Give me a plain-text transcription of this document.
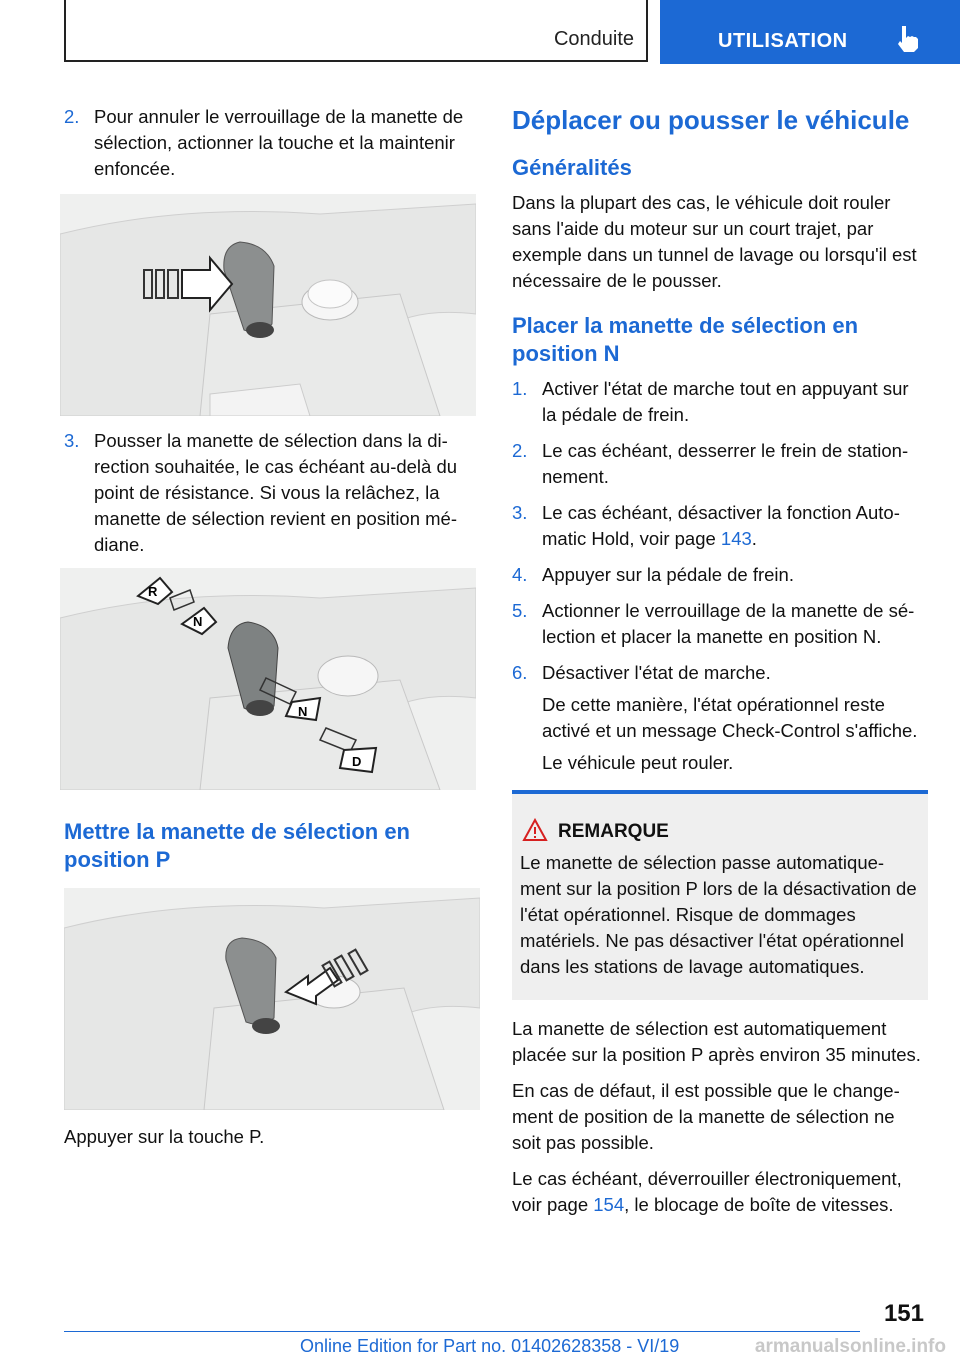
Conduite	UTILISATION
2. Pour annuler le verrouillage de la manette de sélection, actionner la touche et la maintenir enfoncée.
3. Pousser la manette de sélection dans la direction souhaitée, le cas échéant au-delà du point de résistance. Si vous la relâchez, la manette de sélection revient en position médiane.
R
N
N
D
Mettre la manette de sélection en position P

Appuyer sur la touche P.

Déplacer ou pousser le véhicule
Généralités

Dans la plupart des cas, le véhicule doit rouler sans l'aide du moteur sur un court trajet, par exemple dans un tunnel de lavage ou lorsqu'il est nécessaire de le pousser.

Placer la manette de sélection en position N
1. Activer l'état de marche tout en appuyant sur la pédale de frein.
2. Le cas échéant, desserrer le frein de stationnement.
3. Le cas échéant, désactiver la fonction Automatic Hold, voir page 143.
4. Appuyer sur la pédale de frein.
5. Actionner le verrouillage de la manette de sélection et placer la manette en position N.
6. Désactiver l'état de marche.

De cette manière, l'état opérationnel reste activé et un message Check-Control s'affiche.

Le véhicule peut rouler.

REMARQUE
Le manette de sélection passe automatiquement sur la position P lors de la désactivation de l'état opérationnel. Risque de dommages matériels. Ne pas désactiver l'état opérationnel dans les stations de lavage automatiques.

La manette de sélection est automatiquement placée sur la position P après environ 35 minutes.

En cas de défaut, il est possible que le changement de position de la manette de sélection ne soit pas possible.

Le cas échéant, déverrouiller électroniquement, voir page 154, le blocage de boîte de vitesses.

151
Online Edition for Part no. 01402628358 - VI/19	armanualsonline.info
